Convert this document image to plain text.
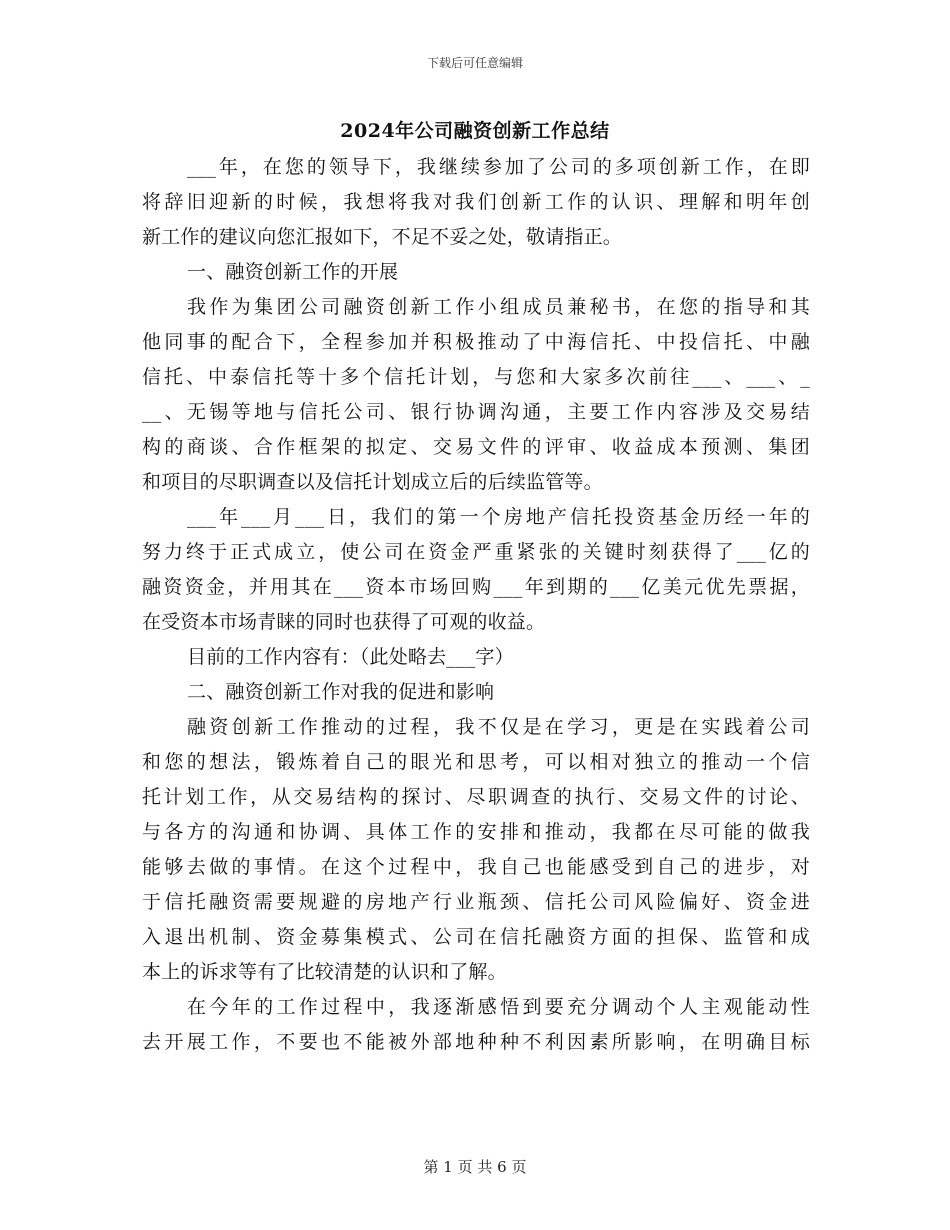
下载后可任意编辑
2024年公司融资创新工作总结
___年，在您的领导下，我继续参加了公司的多项创新工作，在即
将辞旧迎新的时候，我想将我对我们创新工作的认识、理解和明年创
新工作的建议向您汇报如下，不足不妥之处，敬请指正。
一、融资创新工作的开展
我作为集团公司融资创新工作小组成员兼秘书，在您的指导和其
他同事的配合下，全程参加并积极推动了中海信托、中投信托、中融
信托、中泰信托等十多个信托计划，与您和大家多次前往___、___、_
__、无锡等地与信托公司、银行协调沟通，主要工作内容涉及交易结
构的商谈、合作框架的拟定、交易文件的评审、收益成本预测、集团
和项目的尽职调查以及信托计划成立后的后续监管等。
___年___月___日，我们的第一个房地产信托投资基金历经一年的
努力终于正式成立，使公司在资金严重紧张的关键时刻获得了___亿的
融资资金，并用其在___资本市场回购___年到期的___亿美元优先票据，
在受资本市场青睐的同时也获得了可观的收益。
目前的工作内容有：（此处略去___字）
二、融资创新工作对我的促进和影响
融资创新工作推动的过程，我不仅是在学习，更是在实践着公司
和您的想法，锻炼着自己的眼光和思考，可以相对独立的推动一个信
托计划工作，从交易结构的探讨、尽职调查的执行、交易文件的讨论、
与各方的沟通和协调、具体工作的安排和推动，我都在尽可能的做我
能够去做的事情。在这个过程中，我自己也能感受到自己的进步，对
于信托融资需要规避的房地产行业瓶颈、信托公司风险偏好、资金进
入退出机制、资金募集模式、公司在信托融资方面的担保、监管和成
本上的诉求等有了比较清楚的认识和了解。
在今年的工作过程中，我逐渐感悟到要充分调动个人主观能动性
去开展工作，不要也不能被外部地种种不利因素所影响，在明确目标
第 1 页 共 6 页
